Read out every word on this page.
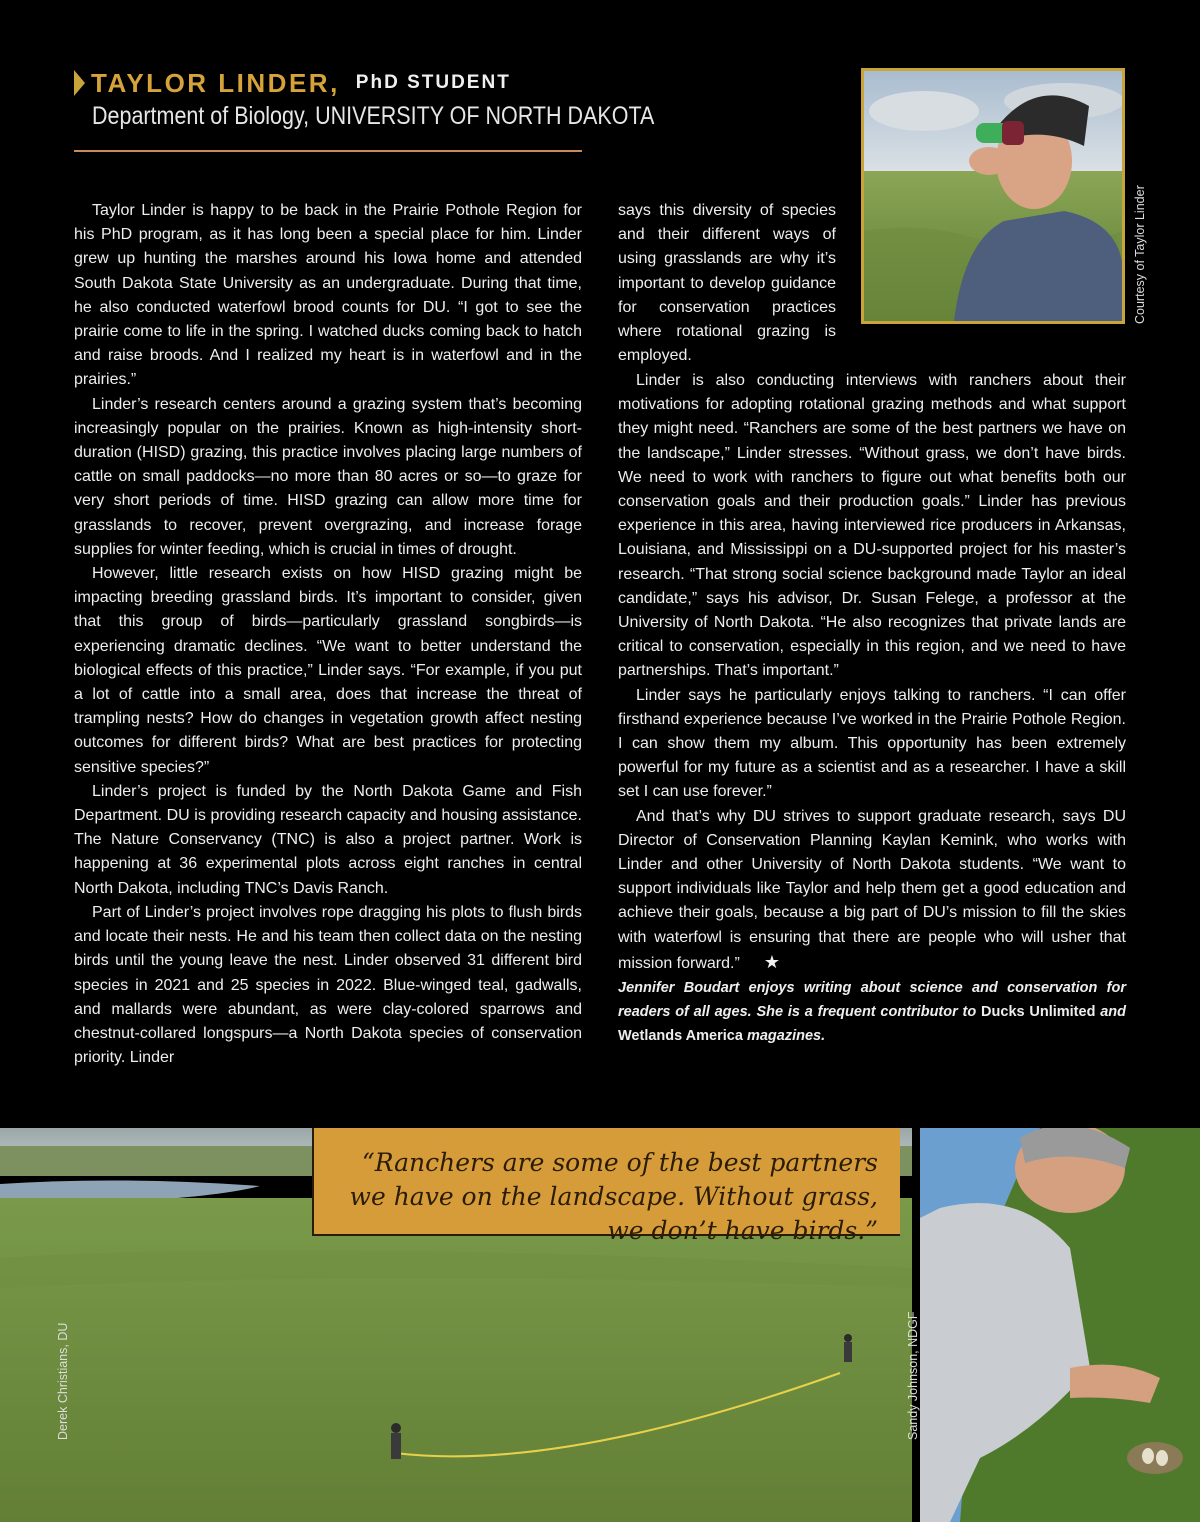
TAYLOR LINDER, PhD STUDENT
Department of Biology, UNIVERSITY OF NORTH DAKOTA

Taylor Linder is happy to be back in the Prairie Pothole Region for his PhD program, as it has long been a special place for him. Linder grew up hunting the marshes around his Iowa home and attended South Dakota State University as an undergraduate. During that time, he also conducted waterfowl brood counts for DU. “I got to see the prairie come to life in the spring. I watched ducks coming back to hatch and raise broods. And I realized my heart is in waterfowl and in the prairies.”

Linder’s research centers around a grazing system that’s becoming increasingly popular on the prairies. Known as high-intensity short-duration (HISD) grazing, this practice involves placing large numbers of cattle on small paddocks—no more than 80 acres or so—to graze for very short periods of time. HISD grazing can allow more time for grasslands to recover, prevent overgrazing, and increase forage supplies for winter feeding, which is crucial in times of drought.

However, little research exists on how HISD grazing might be impacting breeding grassland birds. It’s important to consider, given that this group of birds—particularly grassland songbirds—is experiencing dramatic declines. “We want to better understand the biological effects of this practice,” Linder says. “For example, if you put a lot of cattle into a small area, does that increase the threat of trampling nests? How do changes in vegetation growth affect nesting outcomes for different birds? What are best practices for protecting sensitive species?”

Linder’s project is funded by the North Dakota Game and Fish Department. DU is providing research capacity and housing assistance. The Nature Conservancy (TNC) is also a project partner. Work is happening at 36 experimental plots across eight ranches in central North Dakota, including TNC’s Davis Ranch.

Part of Linder’s project involves rope dragging his plots to flush birds and locate their nests. He and his team then collect data on the nesting birds until the young leave the nest. Linder observed 31 different bird species in 2021 and 25 species in 2022. Blue-winged teal, gadwalls, and mallards were abundant, as were clay-colored sparrows and chestnut-collared longspurs—a North Dakota species of conservation priority. Linder

says this diversity of species and their different ways of using grasslands are why it’s important to develop guidance for conservation practices where rotational grazing is employed.

Linder is also conducting interviews with ranchers about their motivations for adopting rotational grazing methods and what support they might need. “Ranchers are some of the best partners we have on the landscape,” Linder stresses. “Without grass, we don’t have birds. We need to work with ranchers to figure out what benefits both our conservation goals and their production goals.” Linder has previous experience in this area, having interviewed rice producers in Arkansas, Louisiana, and Mississippi on a DU-supported project for his master’s research. “That strong social science background made Taylor an ideal candidate,” says his advisor, Dr. Susan Felege, a professor at the University of North Dakota. “He also recognizes that private lands are critical to conservation, especially in this region, and we need to have partnerships. That’s important.”

Linder says he particularly enjoys talking to ranchers. “I can offer firsthand experience because I’ve worked in the Prairie Pothole Region. I can show them my album. This opportunity has been extremely powerful for my future as a scientist and as a researcher. I have a skill set I can use forever.”

And that’s why DU strives to support graduate research, says DU Director of Conservation Planning Kaylan Kemink, who works with Linder and other University of North Dakota students. “We want to support individuals like Taylor and help them get a good education and achieve their goals, because a big part of DU’s mission to fill the skies with waterfowl is ensuring that there are people who will usher that mission forward.” ★

Jennifer Boudart enjoys writing about science and conservation for readers of all ages. She is a frequent contributor to Ducks Unlimited and Wetlands America magazines.

Courtesy of Taylor Linder
Derek Christians, DU	Sandy Johnson, NDGF
“Ranchers are some of the best partners we have on the landscape. Without grass, we don’t have birds.”
